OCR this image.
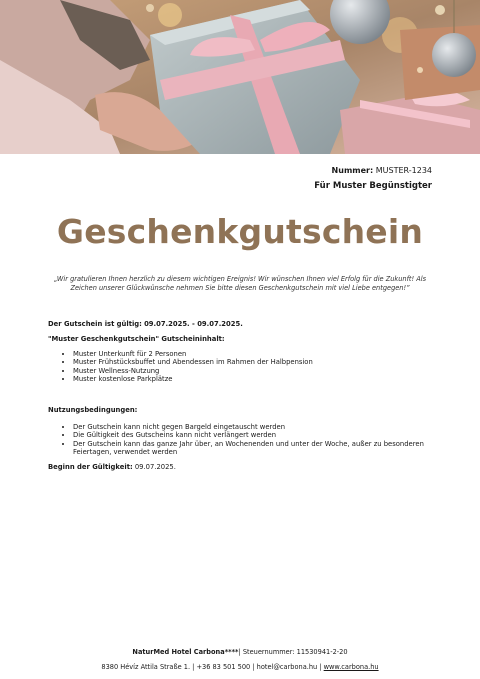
Nummer: MUSTER-1234
Für Muster Begünstigter
Geschenkgutschein
„Wir gratulieren Ihnen herzlich zu diesem wichtigen Ereignis! Wir wünschen Ihnen viel Erfolg für die Zukunft! Als Zeichen unserer Glückwünsche nehmen Sie bitte diesen Geschenkgutschein mit viel Liebe entgegen!”
Der Gutschein ist gültig: 09.07.2025. - 09.07.2025.
"Muster Geschenkgutschein" Gutscheininhalt:
• Muster Unterkunft für 2 Personen
• Muster Frühstücksbuffet und Abendessen im Rahmen der Halbpension
• Muster Wellness-Nutzung
• Muster kostenlose Parkplätze
Nutzungsbedingungen:
• Der Gutschein kann nicht gegen Bargeld eingetauscht werden
• Die Gültigkeit des Gutscheins kann nicht verlängert werden
• Der Gutschein kann das ganze Jahr über, an Wochenenden und unter der Woche, außer zu besonderen Feiertagen, verwendet werden
Beginn der Gültigkeit: 09.07.2025.
NaturMed Hotel Carbona****| Steuernummer: 11530941-2-20
8380 Hévíz Attila Straße 1. | +36 83 501 500 | hotel@carbona.hu | www.carbona.hu
